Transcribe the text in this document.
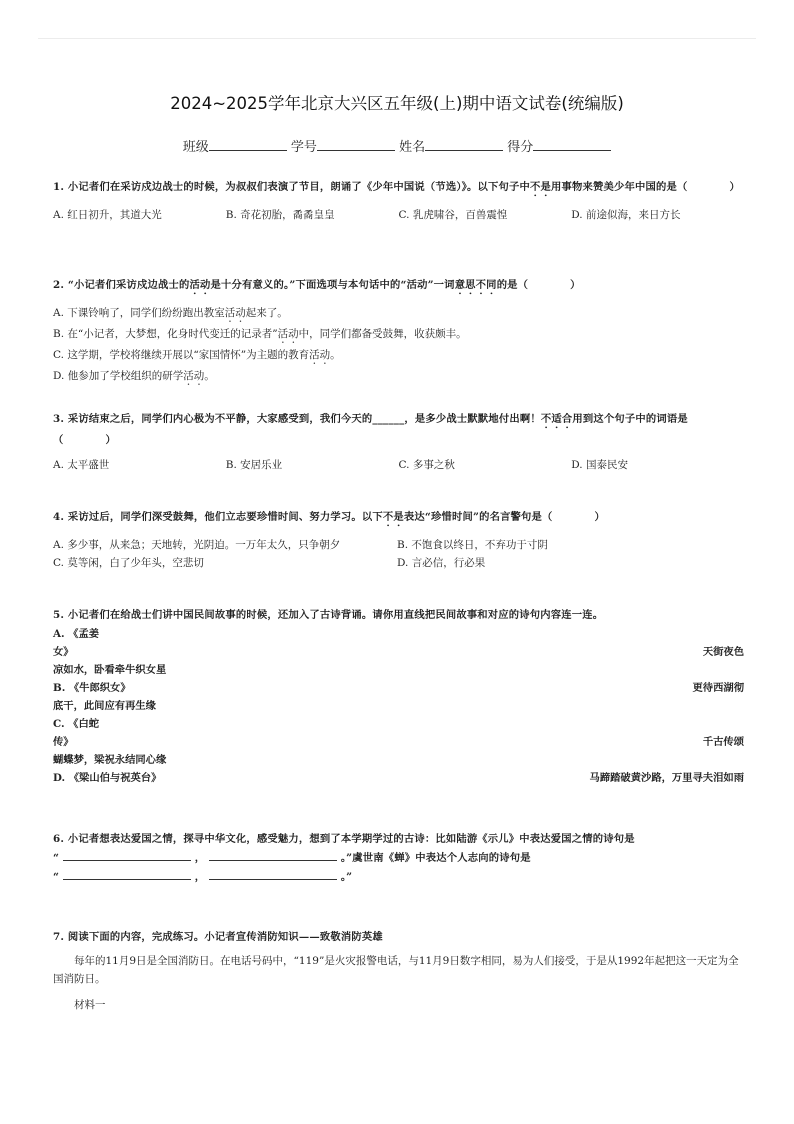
2024~2025学年北京大兴区五年级(上)期中语文试卷(统编版)
班级	学号	姓名	得分
1. 小记者们在采访戍边战士的时候，为叔叔们表演了节目，朗诵了《少年中国说（节选）》。以下句子中不是用事物来赞美少年中国的是（　　　　）
A. 红日初升，其道大光	B. 奇花初胎，矞矞皇皇	C. 乳虎啸谷，百兽震惶	D. 前途似海，来日方长
2. “小记者们采访戍边战士的活动是十分有意义的。”下面选项与本句话中的“活动”一词意思不同的是（　　　　）
A. 下课铃响了，同学们纷纷跑出教室活动起来了。
B. 在“小记者，大梦想，化身时代变迁的记录者”活动中，同学们都备受鼓舞，收获颇丰。
C. 这学期，学校将继续开展以“家国情怀”为主题的教育活动。
D. 他参加了学校组织的研学活动。
3. 采访结束之后，同学们内心极为不平静，大家感受到，我们今天的______，是多少战士默默地付出啊！不适合用到这个句子中的词语是（　　　　）
A. 太平盛世	B. 安居乐业	C. 多事之秋	D. 国泰民安
4. 采访过后，同学们深受鼓舞，他们立志要珍惜时间、努力学习。以下不是表达“珍惜时间”的名言警句是（　　　　）
A. 多少事，从来急；天地转，光阴迫。一万年太久，只争朝夕	B. 不饱食以终日，不弃功于寸阴
C. 莫等闲，白了少年头，空悲切	D. 言必信，行必果
5. 小记者们在给战士们讲中国民间故事的时候，还加入了古诗背诵。请你用直线把民间故事和对应的诗句内容连一连。
A. 《孟姜
女》	天街夜色
凉如水，卧看牵牛织女星
B. 《牛郎织女》	更待西湖彻
底干，此间应有再生缘
C. 《白蛇
传》	千古传颂
蝴蝶梦，梁祝永结同心缘
D. 《梁山伯与祝英台》	马蹄踏破黄沙路，万里寻夫泪如雨
6. 小记者想表达爱国之情，探寻中华文化，感受魅力，想到了本学期学过的古诗：比如陆游《示儿》中表达爱国之情的诗句是
“	，	。”虞世南《蝉》中表达个人志向的诗句是
“	，	。”
7. 阅读下面的内容，完成练习。小记者宣传消防知识——致敬消防英雄
每年的11月9日是全国消防日。在电话号码中，“119”是火灾报警电话，与11月9日数字相同，易为人们接受，于是从1992年起把这一天定为全国消防日。
材料一
